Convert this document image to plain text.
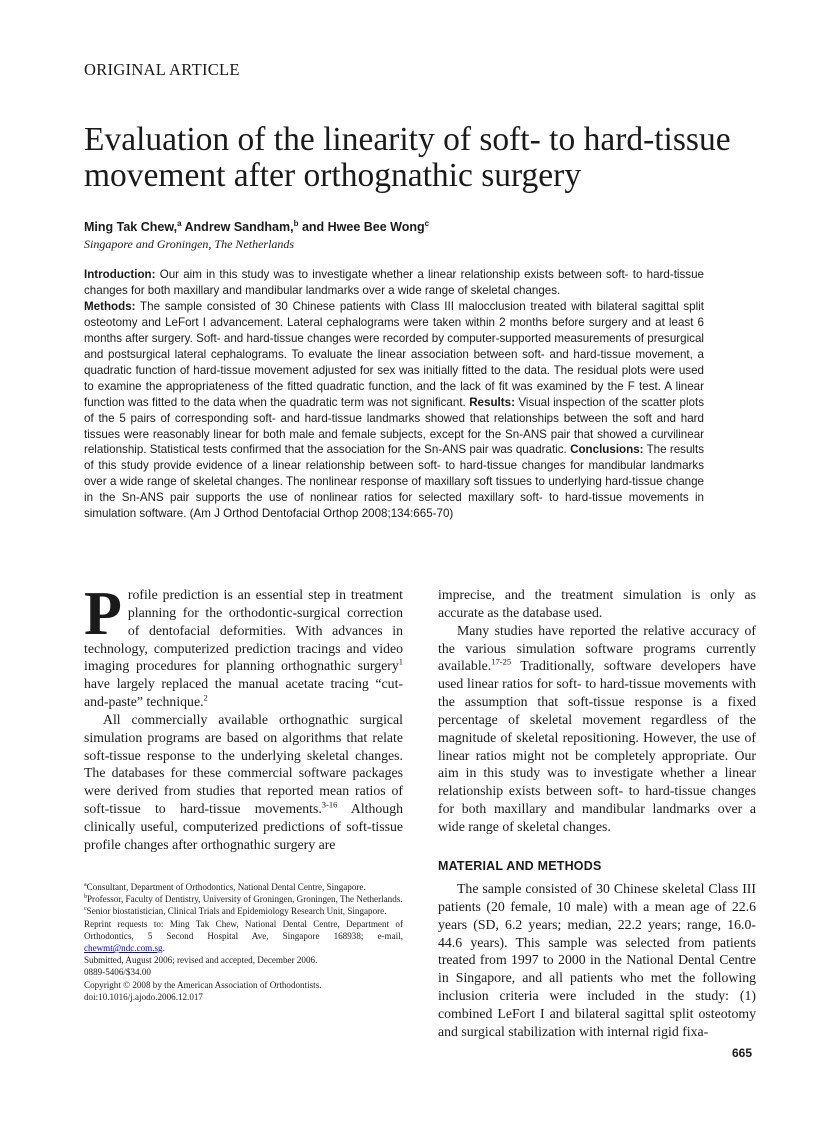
ORIGINAL ARTICLE
Evaluation of the linearity of soft- to hard-tissue movement after orthognathic surgery
Ming Tak Chew,$^a$ Andrew Sandham,$^b$ and Hwee Bee Wong$^c$
Singapore and Groningen, The Netherlands
Introduction: Our aim in this study was to investigate whether a linear relationship exists between soft- to hard-tissue changes for both maxillary and mandibular landmarks over a wide range of skeletal changes.
Methods: The sample consisted of 30 Chinese patients with Class III malocclusion treated with bilateral sagittal split osteotomy and LeFort I advancement. Lateral cephalograms were taken within 2 months before surgery and at least 6 months after surgery. Soft- and hard-tissue changes were recorded by computer-supported measurements of presurgical and postsurgical lateral cephalograms. To evaluate the linear association between soft- and hard-tissue movement, a quadratic function of hard-tissue movement adjusted for sex was initially fitted to the data. The residual plots were used to examine the appropriateness of the fitted quadratic function, and the lack of fit was examined by the F test. A linear function was fitted to the data when the quadratic term was not significant. Results: Visual inspection of the scatter plots of the 5 pairs of corresponding soft- and hard-tissue landmarks showed that relationships between the soft and hard tissues were reasonably linear for both male and female subjects, except for the Sn-ANS pair that showed a curvilinear relationship. Statistical tests confirmed that the association for the Sn-ANS pair was quadratic. Conclusions: The results of this study provide evidence of a linear relationship between soft- to hard-tissue changes for mandibular landmarks over a wide range of skeletal changes. The nonlinear response of maxillary soft tissues to underlying hard-tissue change in the Sn-ANS pair supports the use of nonlinear ratios for selected maxillary soft- to hard-tissue movements in simulation software. (Am J Orthod Dentofacial Orthop 2008;134:665-70)

Profile prediction is an essential step in treatment planning for the orthodontic-surgical correction of dentofacial deformities. With advances in technology, computerized prediction tracings and video imaging procedures for planning orthognathic surgery$^1$ have largely replaced the manual acetate tracing “cut-and-paste” technique.$^2$

All commercially available orthognathic surgical simulation programs are based on algorithms that relate soft-tissue response to the underlying skeletal changes. The databases for these commercial software packages were derived from studies that reported mean ratios of soft-tissue to hard-tissue movements.$^{3-16}$ Although clinically useful, computerized predictions of soft-tissue profile changes after orthognathic surgery are

imprecise, and the treatment simulation is only as accurate as the database used.

Many studies have reported the relative accuracy of the various simulation software programs currently available.$^{17-25}$ Traditionally, software developers have used linear ratios for soft- to hard-tissue movements with the assumption that soft-tissue response is a fixed percentage of skeletal movement regardless of the magnitude of skeletal repositioning. However, the use of linear ratios might not be completely appropriate. Our aim in this study was to investigate whether a linear relationship exists between soft- to hard-tissue changes for both maxillary and mandibular landmarks over a wide range of skeletal changes.

MATERIAL AND METHODS

The sample consisted of 30 Chinese skeletal Class III patients (20 female, 10 male) with a mean age of 22.6 years (SD, 6.2 years; median, 22.2 years; range, 16.0-44.6 years). This sample was selected from patients treated from 1997 to 2000 in the National Dental Centre in Singapore, and all patients who met the following inclusion criteria were included in the study: (1) combined LeFort I and bilateral sagittal split osteotomy and surgical stabilization with internal rigid fixa-

$^a$Consultant, Department of Orthodontics, National Dental Centre, Singapore.

$^b$Professor, Faculty of Dentistry, University of Groningen, Groningen, The Netherlands.

$^c$Senior biostatistician, Clinical Trials and Epidemiology Research Unit, Singapore.

Reprint requests to: Ming Tak Chew, National Dental Centre, Department of Orthodontics, 5 Second Hospital Ave, Singapore 168938; e-mail, chewmt@ndc.com.sg.

Submitted, August 2006; revised and accepted, December 2006.

0889-5406/$34.00

Copyright © 2008 by the American Association of Orthodontists.

doi:10.1016/j.ajodo.2006.12.017

665
